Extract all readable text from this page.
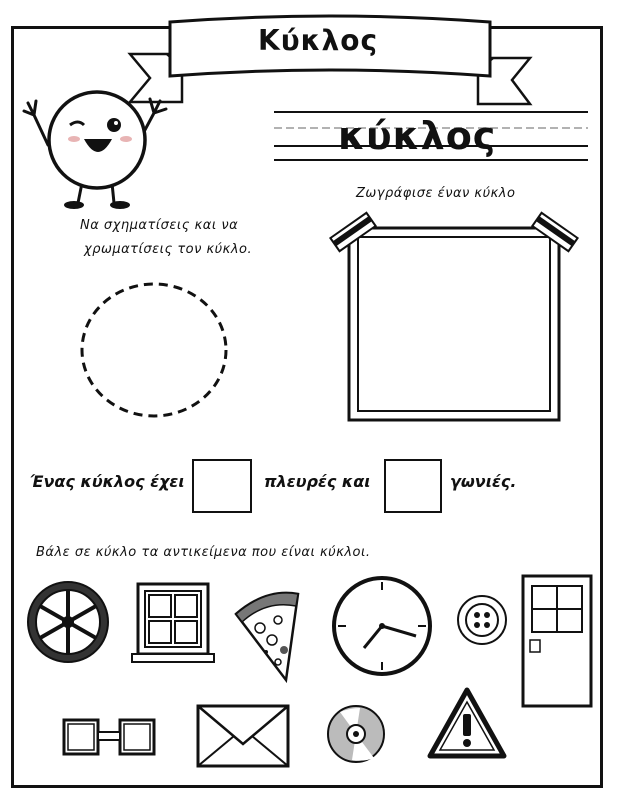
Κύκλος
κύκλος
Ζωγράφισε έναν κύκλο
Να σχηματίσεις και να
χρωματίσεις τον κύκλο.
Ένας κύκλος έχει	πλευρές και	γωνιές.
Βάλε σε κύκλο τα αντικείμενα που είναι κύκλοι.
